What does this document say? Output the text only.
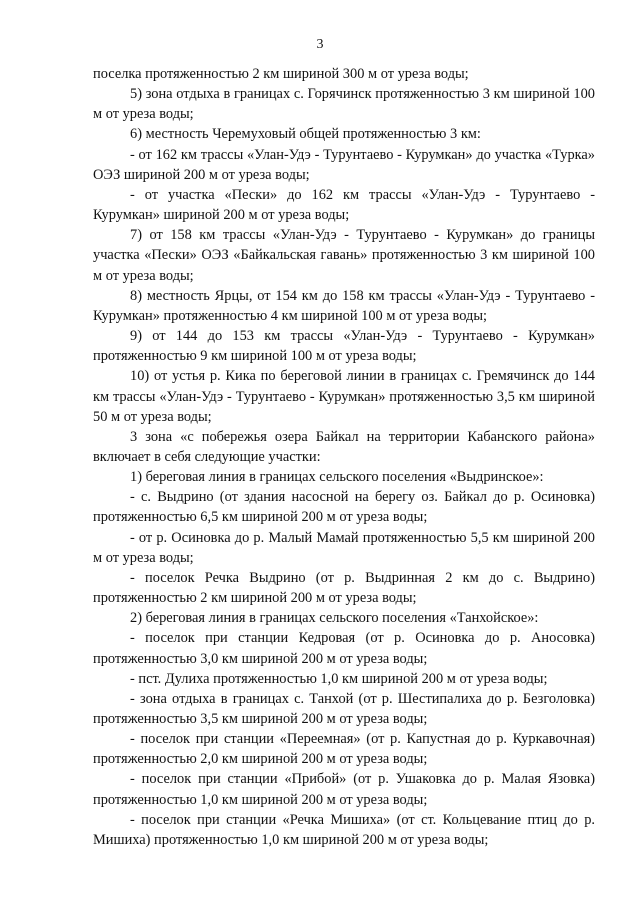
3

поселка протяженностью 2 км шириной 300 м от уреза воды;

5) зона отдыха в границах с. Горячинск протяженностью 3 км шириной 100 м от уреза воды;

6) местность Черемуховый общей протяженностью 3 км:

- от 162 км трассы «Улан-Удэ - Турунтаево - Курумкан» до участка «Турка» ОЭЗ шириной 200 м от уреза воды;

- от участка «Пески» до 162 км трассы «Улан-Удэ - Турунтаево - Курумкан» шириной 200 м от уреза воды;

7) от 158 км трассы «Улан-Удэ - Турунтаево - Курумкан» до границы участка «Пески» ОЭЗ «Байкальская гавань» протяженностью 3 км шириной 100 м от уреза воды;

8) местность Ярцы, от 154 км до 158 км трассы «Улан-Удэ - Турунтаево - Курумкан» протяженностью 4 км шириной 100 м от уреза воды;

9) от 144 до 153 км трассы «Улан-Удэ - Турунтаево - Курумкан» протяженностью 9 км шириной 100 м от уреза воды;

10) от устья р. Кика по береговой линии в границах с. Гремячинск до 144 км трассы «Улан-Удэ - Турунтаево - Курумкан» протяженностью 3,5 км шириной 50 м от уреза воды;

3 зона «с побережья озера Байкал на территории Кабанского района» включает в себя следующие участки:

1) береговая линия в границах сельского поселения «Выдринское»:

- с. Выдрино (от здания насосной на берегу оз. Байкал до р. Осиновка) протяженностью 6,5 км шириной 200 м от уреза воды;

- от р. Осиновка до р. Малый Мамай протяженностью 5,5 км шириной 200 м от уреза воды;

- поселок Речка Выдрино (от р. Выдринная 2 км до с. Выдрино) протяженностью 2 км шириной 200 м от уреза воды;

2) береговая линия в границах сельского поселения «Танхойское»:

- поселок при станции Кедровая (от р. Осиновка до р. Аносовка) протяженностью 3,0 км шириной 200 м от уреза воды;

- пст. Дулиха протяженностью 1,0 км шириной 200 м от уреза воды;

- зона отдыха в границах с. Танхой (от р. Шестипалиха до р. Безголовка) протяженностью 3,5 км шириной 200 м от уреза воды;

- поселок при станции «Переемная» (от р. Капустная до р. Куркавочная) протяженностью 2,0 км шириной 200 м от уреза воды;

- поселок при станции «Прибой» (от р. Ушаковка до р. Малая Язовка) протяженностью 1,0 км шириной 200 м от уреза воды;

- поселок при станции «Речка Мишиха» (от ст. Кольцевание птиц до р. Мишиха) протяженностью 1,0 км шириной 200 м от уреза воды;
